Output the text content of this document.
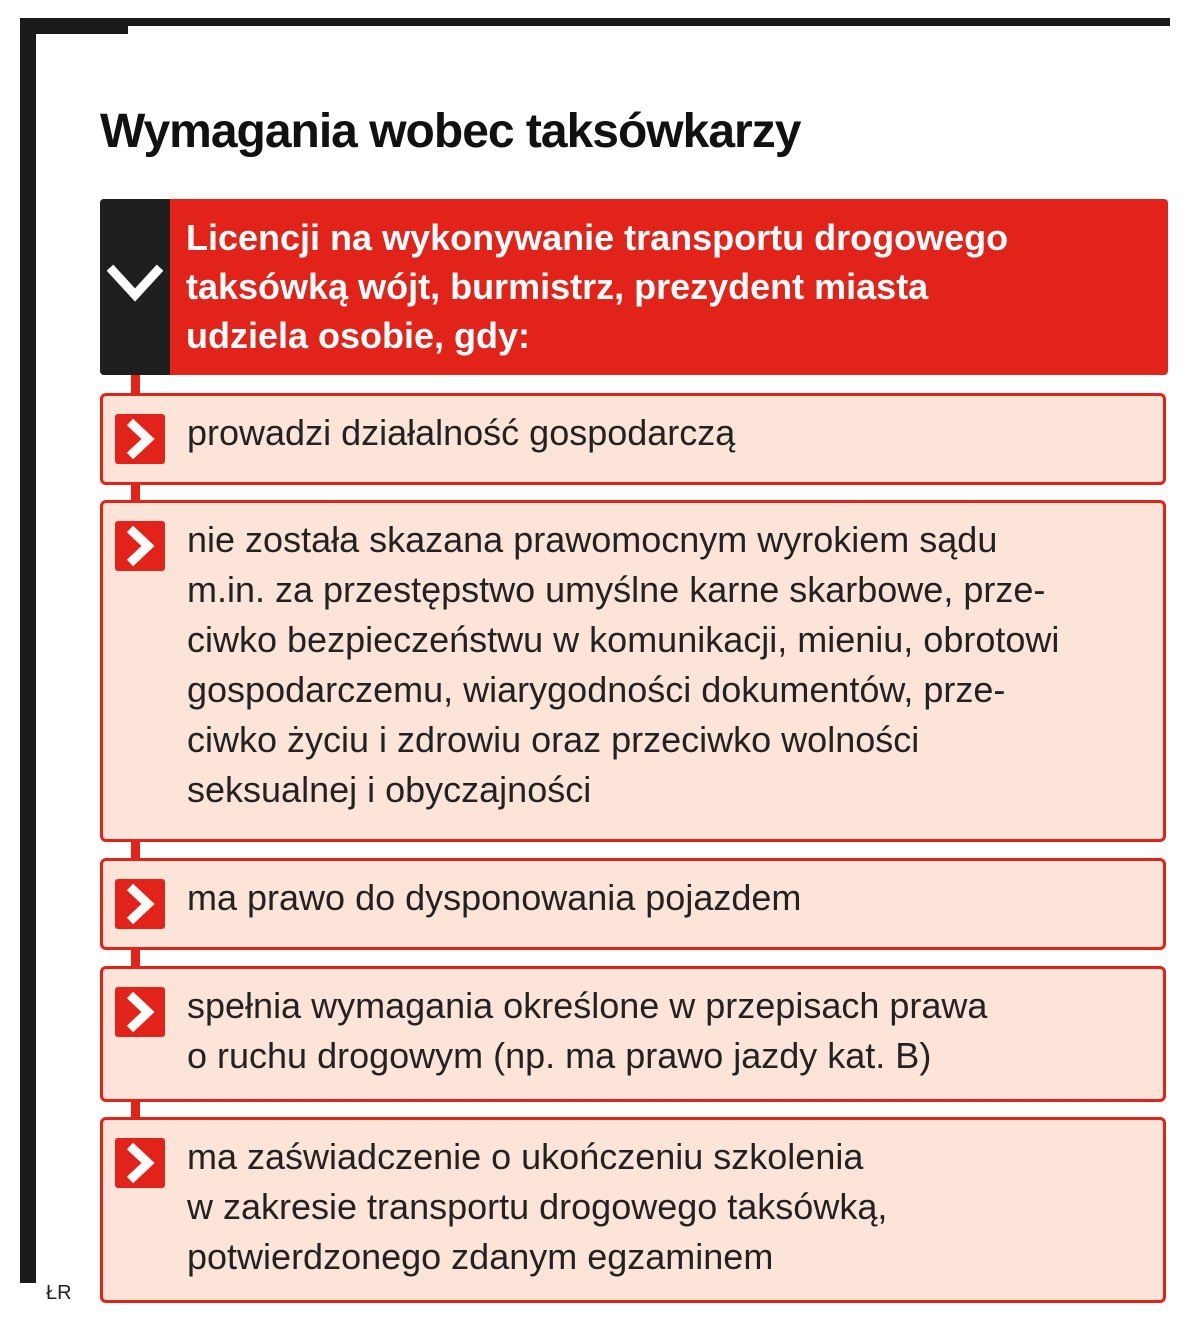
Wymagania wobec taksówkarzy
Licencji na wykonywanie transportu drogowego
taksówką wójt, burmistrz, prezydent miasta
udziela osobie, gdy:
prowadzi działalność gospodarczą
nie została skazana prawomocnym wyrokiem sądu
m.in. za przestępstwo umyślne karne skarbowe, prze-
ciwko bezpieczeństwu w komunikacji, mieniu, obrotowi
gospodarczemu, wiarygodności dokumentów, prze-
ciwko życiu i zdrowiu oraz przeciwko wolności
seksualnej i obyczajności
ma prawo do dysponowania pojazdem
spełnia wymagania określone w przepisach prawa
o ruchu drogowym (np. ma prawo jazdy kat. B)
ma zaświadczenie o ukończeniu szkolenia
w zakresie transportu drogowego taksówką,
potwierdzonego zdanym egzaminem
ŁR
